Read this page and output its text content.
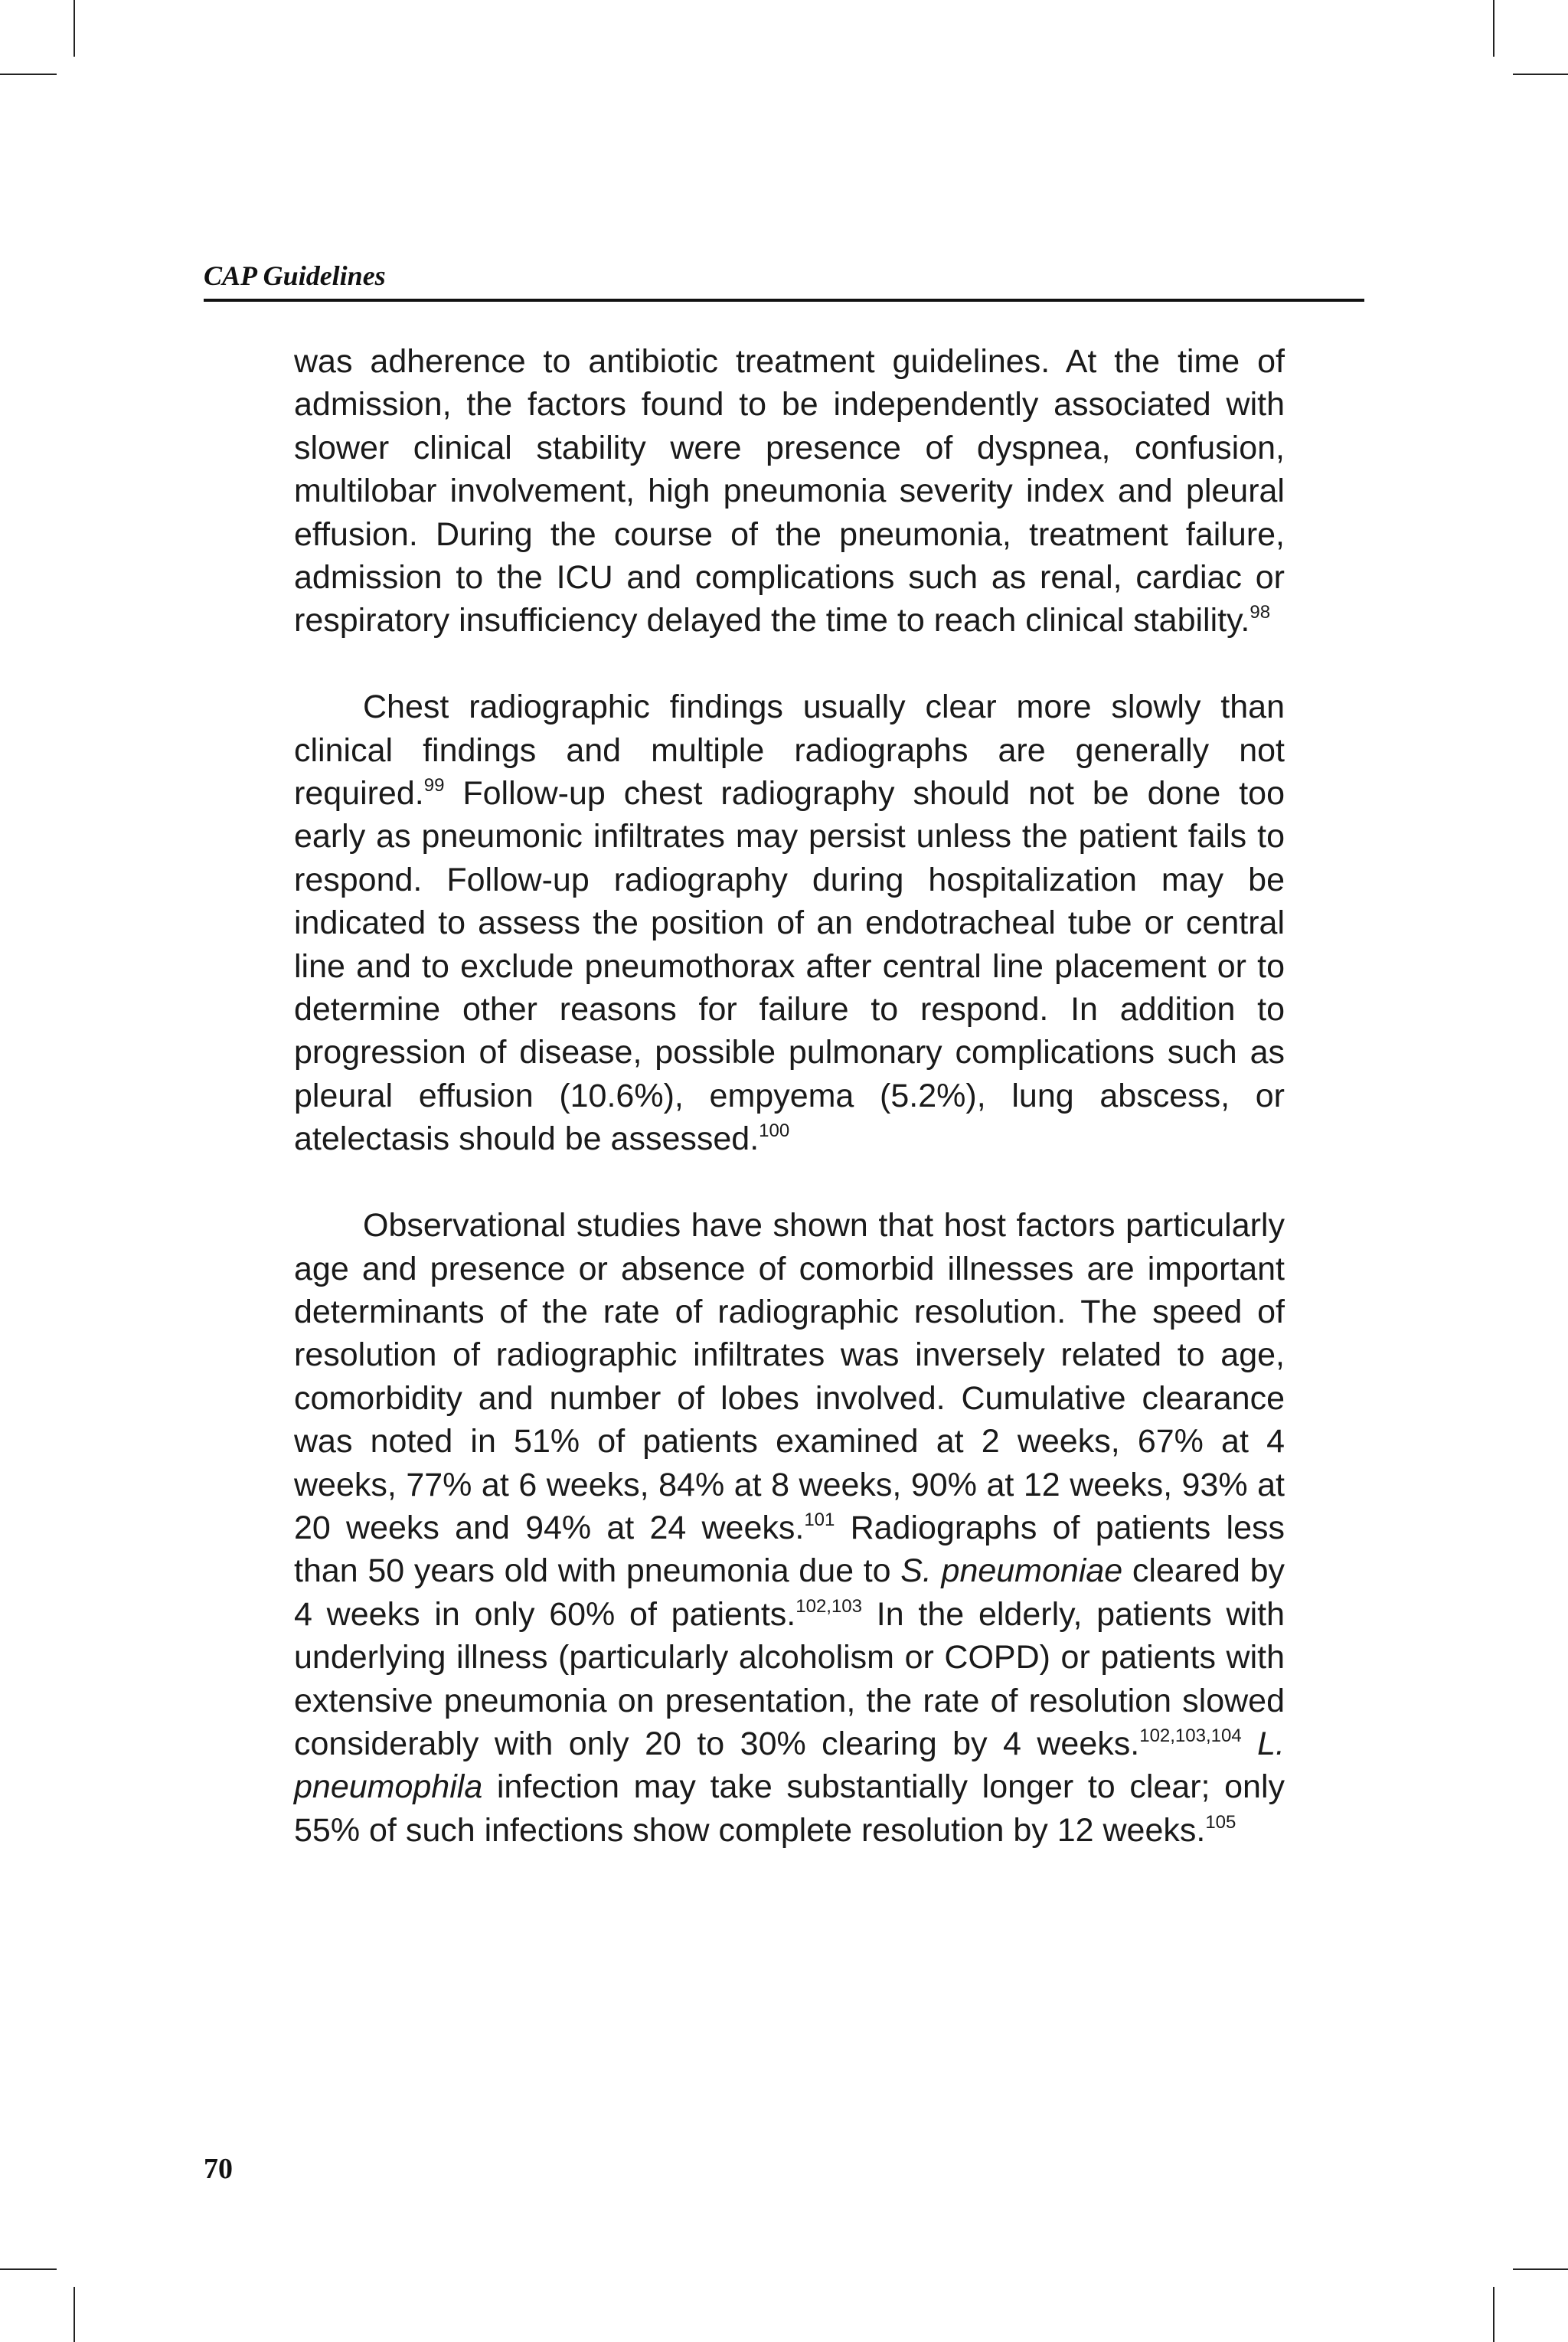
CAP Guidelines

was adherence to antibiotic treatment guidelines. At the time of admission, the factors found to be independently associated with slower clinical stability were presence of dyspnea, confusion, multilobar involvement, high pneumonia severity index and pleural effusion. During the course of the pneumonia, treatment failure, admission to the ICU and complications such as renal, cardiac or respiratory insufficiency delayed the time to reach clinical stability.$^{98}$

Chest radiographic findings usually clear more slowly than clinical findings and multiple radiographs are generally not required.$^{99}$ Follow-up chest radiography should not be done too early as pneumonic infiltrates may persist unless the patient fails to respond. Follow-up radiography during hospitalization may be indicated to assess the position of an endotracheal tube or central line and to exclude pneumothorax after central line placement or to determine other reasons for failure to respond. In addition to progression of disease, possible pulmonary complications such as pleural effusion (10.6%), empyema (5.2%), lung abscess, or atelectasis should be assessed.$^{100}$

Observational studies have shown that host factors particularly age and presence or absence of comorbid illnesses are important determinants of the rate of radiographic resolution. The speed of resolution of radiographic infiltrates was inversely related to age, comorbidity and number of lobes involved. Cumulative clearance was noted in 51% of patients examined at 2 weeks, 67% at 4 weeks, 77% at 6 weeks, 84% at 8 weeks, 90% at 12 weeks, 93% at 20 weeks and 94% at 24 weeks.$^{101}$ Radiographs of patients less than 50 years old with pneumonia due to S. pneumoniae cleared by 4 weeks in only 60% of patients.$^{102,103}$ In the elderly, patients with underlying illness (particularly alcoholism or COPD) or patients with extensive pneumonia on presentation, the rate of resolution slowed considerably with only 20 to 30% clearing by 4 weeks.$^{102,103,104}$ L. pneumophila infection may take substantially longer to clear; only 55% of such infections show complete resolution by 12 weeks.$^{105}$

70
